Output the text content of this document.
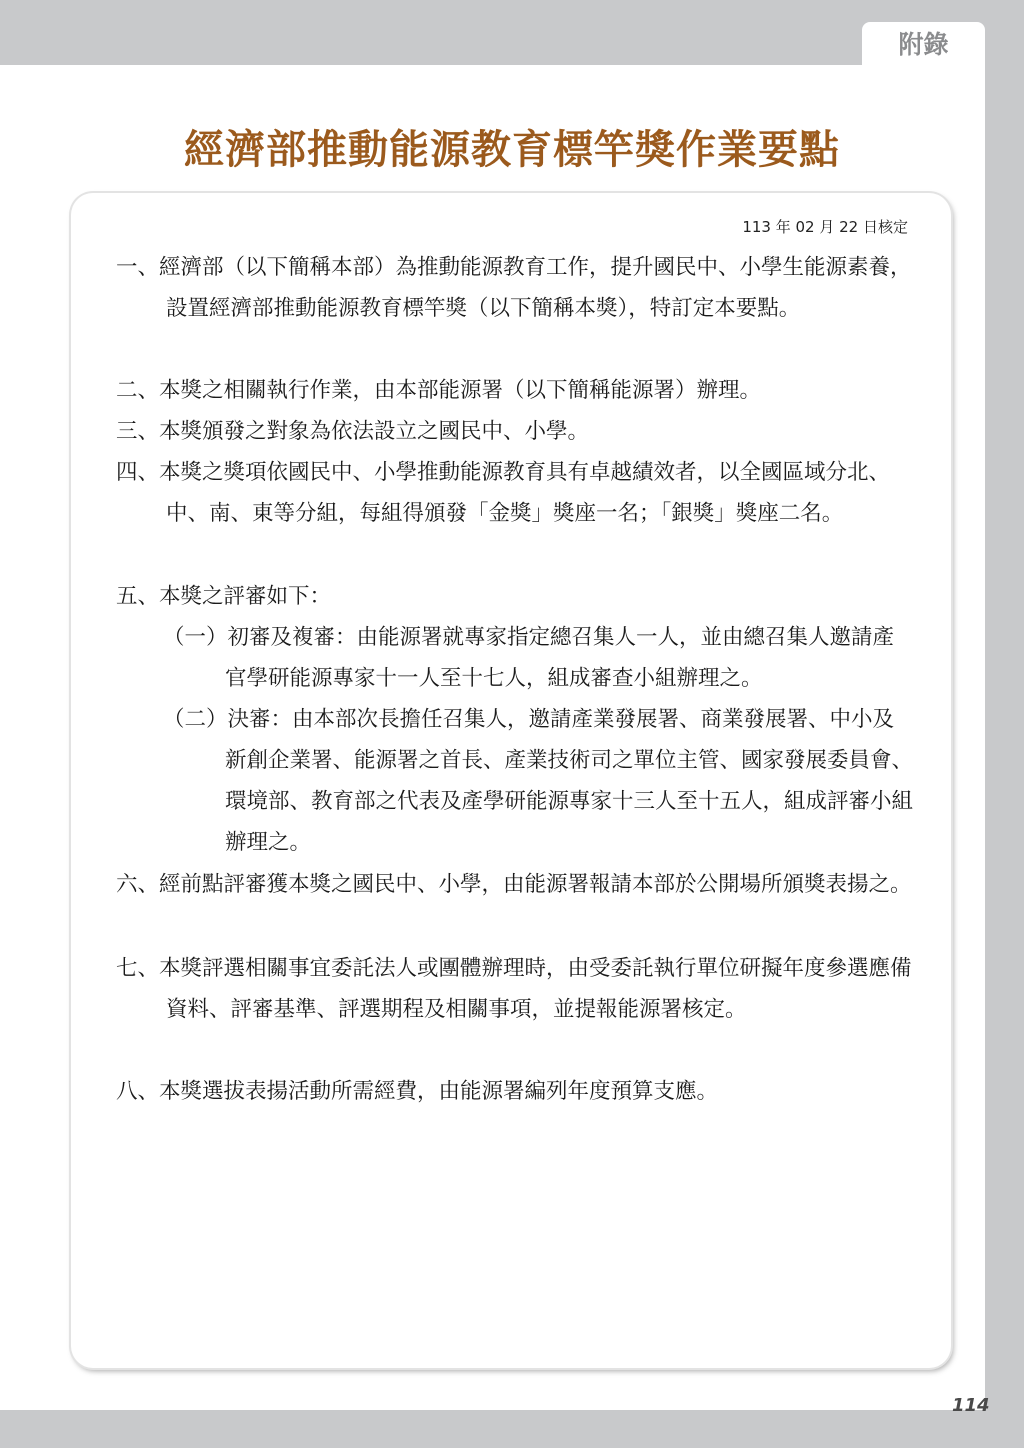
附錄
經濟部推動能源教育標竿獎作業要點
113 年 02 月 22 日核定
一、經濟部（以下簡稱本部）為推動能源教育工作，提升國民中、小學生能源素養，設置經濟部推動能源教育標竿獎（以下簡稱本獎），特訂定本要點。
二、本獎之相關執行作業，由本部能源署（以下簡稱能源署）辦理。
三、本獎頒發之對象為依法設立之國民中、小學。
四、本獎之獎項依國民中、小學推動能源教育具有卓越績效者，以全國區域分北、中、南、東等分組，每組得頒發「金獎」獎座一名；「銀獎」獎座二名。
五、本獎之評審如下：
（一）初審及複審：由能源署就專家指定總召集人一人，並由總召集人邀請產官學研能源專家十一人至十七人，組成審查小組辦理之。
（二）決審：由本部次長擔任召集人，邀請產業發展署、商業發展署、中小及新創企業署、能源署之首長、產業技術司之單位主管、國家發展委員會、環境部、教育部之代表及產學研能源專家十三人至十五人，組成評審小組辦理之。
六、經前點評審獲本獎之國民中、小學，由能源署報請本部於公開場所頒獎表揚之。
七、本獎評選相關事宜委託法人或團體辦理時，由受委託執行單位研擬年度參選應備資料、評審基準、評選期程及相關事項，並提報能源署核定。
八、本獎選拔表揚活動所需經費，由能源署編列年度預算支應。
114
